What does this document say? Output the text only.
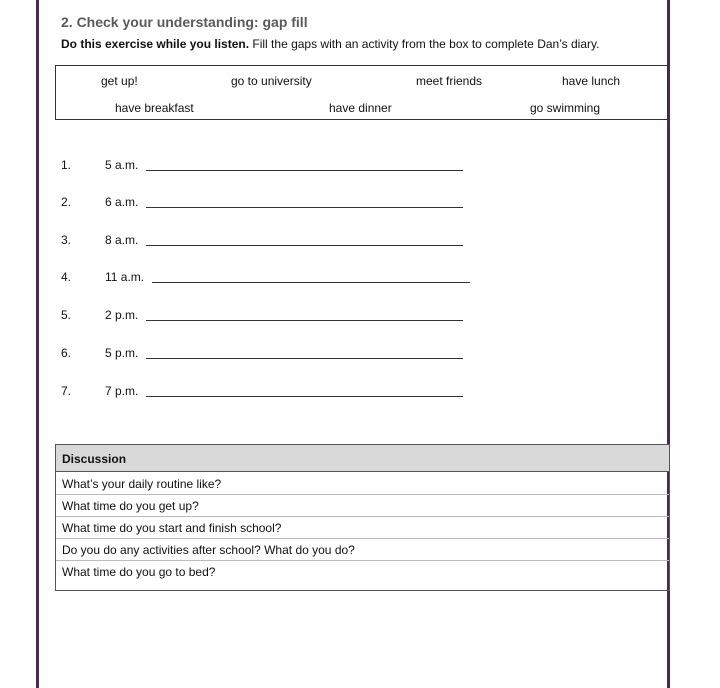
2. Check your understanding: gap fill
Do this exercise while you listen. Fill the gaps with an activity from the box to complete Dan’s diary.
get up!	go to university	meet friends	have lunch
have breakfast	have dinner	go swimming
1.	5 a.m.
2.	6 a.m.
3.	8 a.m.
4.	11 a.m.
5.	2 p.m.
6.	5 p.m.
7.	7 p.m.
Discussion
What’s your daily routine like?
What time do you get up?
What time do you start and finish school?
Do you do any activities after school? What do you do?
What time do you go to bed?
